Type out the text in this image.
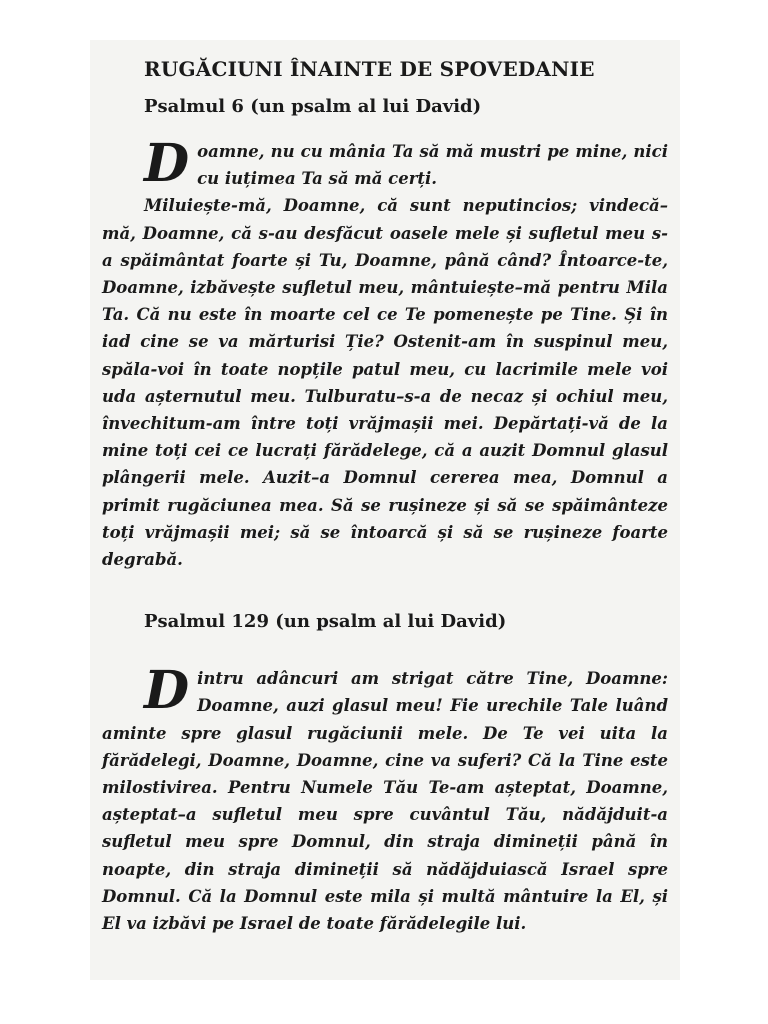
RUGĂCIUNI ÎNAINTE DE SPOVEDANIE
Psalmul 6 (un psalm al lui David)

D oamne, nu cu mânia Ta să mă mustri pe mine, nici cu iuțimea Ta să mă cerți.

Miluiește-mă, Doamne, că sunt neputincios; vindecă–mă, Doamne, că s-au desfăcut oasele mele și sufletul meu s-a spăimântat foarte și Tu, Doamne, până când? Întoarce-te, Doamne, izbăvește sufletul meu, mântuiește–mă pentru Mila Ta. Că nu este în moarte cel ce Te pomenește pe Tine. Și în iad cine se va mărturisi Ție? Ostenit-am în suspinul meu, spăla-voi în toate nopțile patul meu, cu lacrimile mele voi uda așternutul meu. Tulburatu–s-a de necaz și ochiul meu, învechitum-am între toți vrăjmașii mei. Depărtați-vă de la mine toți cei ce lucrați fărădelege, că a auzit Domnul glasul plângerii mele. Auzit–a Domnul cererea mea, Domnul a primit rugăciunea mea. Să se rușineze și să se spăimânteze toți vrăjmașii mei; să se întoarcă și să se rușineze foarte degrabă.

Psalmul 129 (un psalm al lui David)

D intru adâncuri am strigat către Tine, Doamne: Doamne, auzi glasul meu! Fie urechile Tale luând aminte spre glasul rugăciunii mele. De Te vei uita la fărădelegi, Doamne, Doamne, cine va suferi? Că la Tine este milostivirea. Pentru Numele Tău Te-am așteptat, Doamne, așteptat–a sufletul meu spre cuvântul Tău, nădăjduit-a sufletul meu spre Domnul, din straja dimineții până în noapte, din straja dimineții să nădăjduiască Israel spre Domnul. Că la Domnul este mila și multă mântuire la El, și El va izbăvi pe Israel de toate fărădelegile lui.
